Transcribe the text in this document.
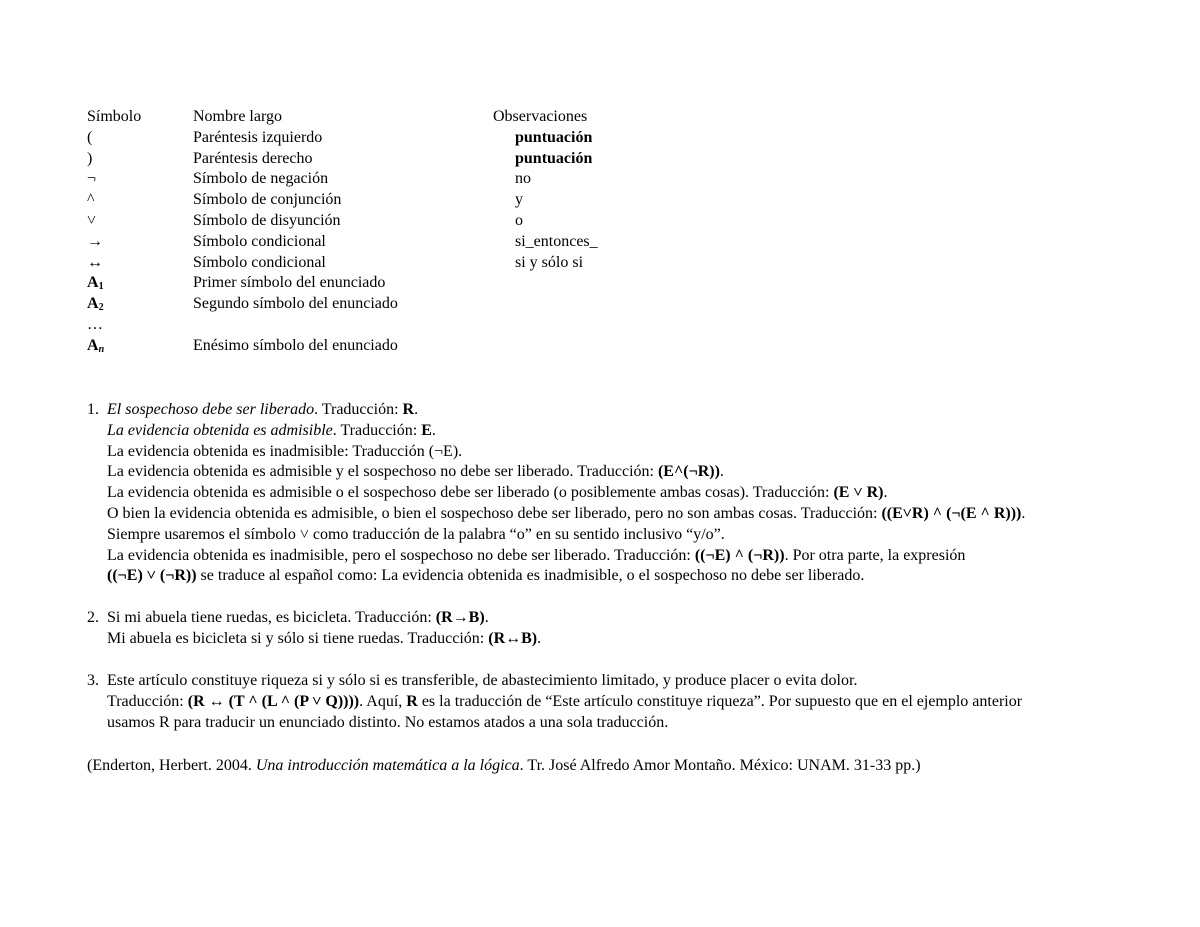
Símbolo	Nombre largo	Observaciones
(	Paréntesis izquierdo	puntuación
)	Paréntesis derecho	puntuación
¬	Símbolo de negación	no
^	Símbolo de conjunción	y
˅	Símbolo de disyunción	o
→	Símbolo condicional	si_entonces_
↔	Símbolo condicional	si y sólo si
$A_1$	Primer símbolo del enunciado
$A_2$	Segundo símbolo del enunciado
…
$A_n$	Enésimo símbolo del enunciado
1. El sospechoso debe ser liberado. Traducción: R.
La evidencia obtenida es admisible. Traducción: E.
La evidencia obtenida es inadmisible: Traducción (¬E).
La evidencia obtenida es admisible y el sospechoso no debe ser liberado. Traducción: (E^(¬R)).
La evidencia obtenida es admisible o el sospechoso debe ser liberado (o posiblemente ambas cosas). Traducción: (E ˅ R).
O bien la evidencia obtenida es admisible, o bien el sospechoso debe ser liberado, pero no son ambas cosas. Traducción: ((E˅R) ^ (¬(E ^ R))).
Siempre usaremos el símbolo ˅ como traducción de la palabra “o” en su sentido inclusivo “y/o”.
La evidencia obtenida es inadmisible, pero el sospechoso no debe ser liberado. Traducción: ((¬E) ^ (¬R)). Por otra parte, la expresión
((¬E) ˅ (¬R)) se traduce al español como: La evidencia obtenida es inadmisible, o el sospechoso no debe ser liberado.
2. Si mi abuela tiene ruedas, es bicicleta. Traducción: (R→B).
Mi abuela es bicicleta si y sólo si tiene ruedas. Traducción: (R↔B).
3. Este artículo constituye riqueza si y sólo si es transferible, de abastecimiento limitado, y produce placer o evita dolor.
Traducción: (R ↔ (T ^ (L ^ (P ˅ Q)))). Aquí, R es la traducción de “Este artículo constituye riqueza”. Por supuesto que en el ejemplo anterior
usamos R para traducir un enunciado distinto. No estamos atados a una sola traducción.
(Enderton, Herbert. 2004. Una introducción matemática a la lógica. Tr. José Alfredo Amor Montaño. México: UNAM. 31-33 pp.)
